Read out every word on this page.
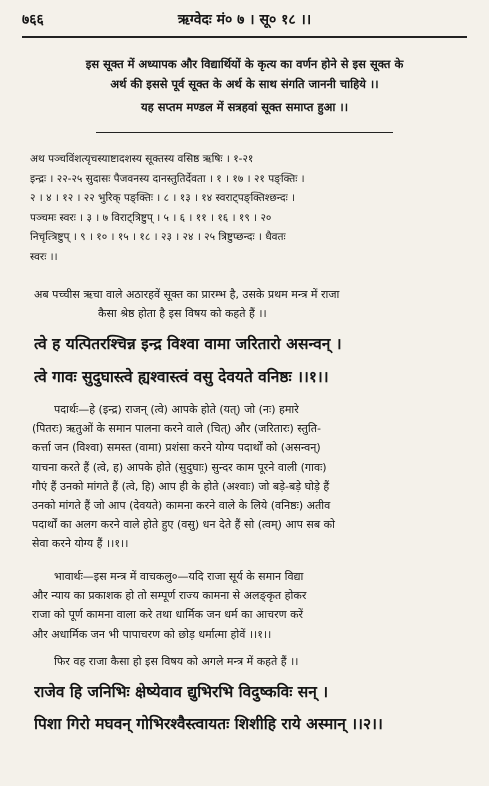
७६६	ऋग्वेदः मं० ७ । सू० १८ ।।

इस सूक्त में अध्यापक और विद्यार्थियों के कृत्य का वर्णन होने से इस सूक्त के

अर्थ की इससे पूर्व सूक्त के अर्थ के साथ संगति जाननी चाहिये ।।

यह सप्तम मण्डल में सत्रहवां सूक्त समाप्त हुआ ।।

अथ पञ्चविंशत्यृचस्याष्टादशस्य सूक्तस्य वसिष्ठ ऋषिः । १-२१

इन्द्रः । २२-२५ सुदासः पैजवनस्य दानस्तुतिर्देवता । १ । १७ । २१ पङ्क्तिः ।

२ । ४ । १२ । २२ भुरिक् पङ्क्तिः । ८ । १३ । १४ स्वराट्पङ्क्तिश्छन्दः ।

पञ्चमः स्वरः । ३ । ७ विराट्त्रिष्टुप् । ५ । ६ । ११ । १६ । १९ । २०

निचृत्त्रिष्टुप् । ९ । १० । १५ । १८ । २३ । २४ । २५ त्रिष्टुप्छन्दः । धैवतः

स्वरः ।।

अब पच्चीस ऋचा वाले अठारहवें सूक्त का प्रारम्भ है, उसके प्रथम मन्त्र में राजा

कैसा श्रेष्ठ होता है इस विषय को कहते हैं ।।

त्वे ह यत्पितरश्चिन्न इन्द्र विश्वा वामा जरितारो असन्वन् ।
त्वे गावः सुदुघास्त्वे ह्यश्वास्त्वं वसु देवयते वनिष्ठः ।।१।।

पदार्थः—हे (इन्द्र) राजन् (त्वे) आपके होते (यत्) जो (नः) हमारे

(पितरः) ऋतुओं के समान पालना करने वाले (चित्) और (जरितारः) स्तुति-

कर्त्ता जन (विश्वा) समस्त (वामा) प्रशंसा करने योग्य पदार्थों को (असन्वन्)

याचना करते हैं (त्वे, ह) आपके होते (सुदुघाः) सुन्दर काम पूरने वाली (गावः)

गौएं हैं उनको मांगते हैं (त्वे, हि) आप ही के होते (अश्वाः) जो बड़े-बड़े घोड़े हैं

उनको मांगते हैं जो आप (देवयते) कामना करने वाले के लिये (वनिष्ठः) अतीव

पदार्थों का अलग करने वाले होते हुए (वसु) धन देते हैं सो (त्वम्) आप सब को

सेवा करने योग्य हैं ।।१।।

भावार्थः—इस मन्त्र में वाचकलु०—यदि राजा सूर्य के समान विद्या

और न्याय का प्रकाशक हो तो सम्पूर्ण राज्य कामना से अलङ्कृत होकर

राजा को पूर्ण कामना वाला करे तथा धार्मिक जन धर्म का आचरण करें

और अधार्मिक जन भी पापाचरण को छोड़ धर्मात्मा होवें ।।१।।

फिर वह राजा कैसा हो इस विषय को अगले मन्त्र में कहते हैं ।।

राजेव हि जनिभिः क्षेष्येवाव द्युभिरभि विदुष्कविः सन् ।
पिशा गिरो मघवन् गोभिरश्वैस्त्वायतः शिशीहि राये अस्मान् ।।२।।
